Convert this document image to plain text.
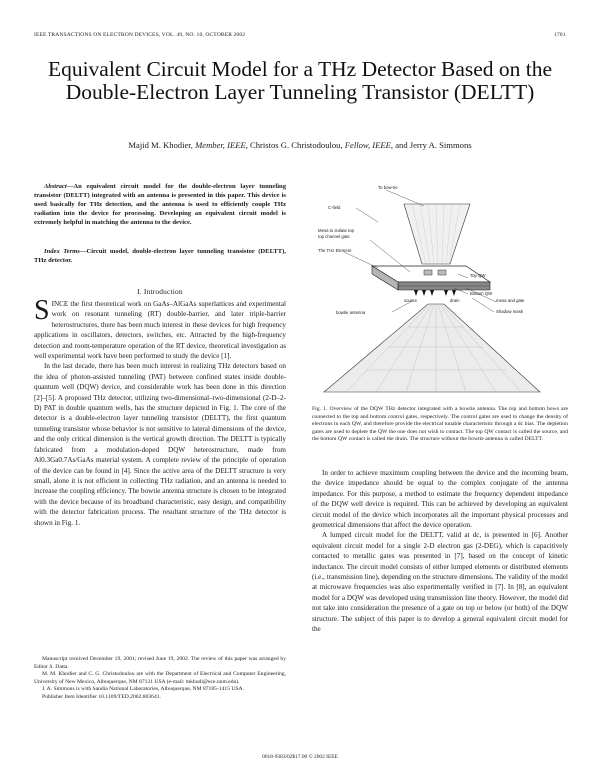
IEEE TRANSACTIONS ON ELECTRON DEVICES, VOL. 49, NO. 10, OCTOBER 2002	1701
Equivalent Circuit Model for a THz Detector Based on the Double-Electron Layer Tunneling Transistor (DELTT)
Majid M. Khodier, Member, IEEE, Christos G. Christodoulou, Fellow, IEEE, and Jerry A. Simmons
Abstract—An equivalent circuit model for the double-electron layer tunneling transistor (DELTT) integrated with an antenna is presented in this paper. This device is used basically for THz detection, and the antenna is used to efficiently couple THz radiation into the device for processing. Developing an equivalent circuit model is extremely helpful in matching the antenna to the device.
Index Terms—Circuit model, double-electron layer tunneling transistor (DELTT), THz detector.
I. Introduction

SINCE the first theoretical work on GaAs–AlGaAs superlattices and experimental work on resonant tunneling (RT) double-barrier, and later triple-barrier heterostructures, there has been much interest in these devices for high frequency applications in oscillators, detectors, switches, etc. Attracted by the high-frequency detection and room-temperature operation of the RT device, theoretical investigation as well experimental work have been performed to study the device [1].

In the last decade, there has been much interest in realizing THz detectors based on the idea of photon-assisted tunneling (PAT) between confined states inside double-quantum well (DQW) device, and considerable work has been done in this direction [2]–[5]. A proposed THz detector, utilizing two-dimensional–two-dimensional (2-D–2-D) PAT in double quantum wells, has the structure depicted in Fig. 1. The core of the detector is a double-electron layer tunneling transistor (DELTT), the first quantum tunneling transistor whose behavior is not sensitive to lateral dimensions of the device, and the only critical dimension is the vertical growth direction. The DELTT is typically fabricated from a modulation-doped DQW heterostructure, made from Al0.3Ga0.7As/GaAs material system. A complete review of the principle of operation of the device can be found in [4]. Since the active area of the DELTT structure is very small, alone it is not efficient in collecting THz radiation, and an antenna is needed to increase the coupling efficiency. The bowtie antenna structure is chosen to be integrated with the device because of its broadband characteristic, easy design, and compatibility with the detector fabrication process. The resultant structure of the THz detector is shown in Fig. 1.

Manuscript received December 19, 2001; revised June 19, 2002. The review of this paper was arranged by Editor S. Datta.

M. M. Khodier and C. G. Christodoulou are with the Department of Electrical and Computer Engineering, University of New Mexico, Albuquerque, NM 87131 USA (e-mail: mkhodi@ece.unm.edu).

J. A. Simmons is with Sandia National Laboratories, Albuquerque, NM 87185-1415 USA.

Publisher Item Identifier 10.1109/TED.2002.803641.

To bow-tie
C-field
Mesa to isolate top
top channel gate
The THz Element
Top QW
Bottom QW
mesa and gate
Shadow mask
bowtie antenna
source	drain
Fig. 1. Overview of the DQW THz detector integrated with a bowtie antenna. The top and bottom bows are connected to the top and bottom control gates, respectively. The control gates are used to change the density of electrons in each QW, and therefore provide the electrical tunable characteristic through a dc bias. The depletion gates are used to deplete the QW the one does not wish to contact. The top QW contact is called the source, and the bottom QW contact is called the drain. The structure without the bowtie antenna is called DELTT.

In order to achieve maximum coupling between the device and the incoming beam, the device impedance should be equal to the complex conjugate of the antenna impedance. For this purpose, a method to estimate the frequency dependent impedance of the DQW well device is required. This can be achieved by developing an equivalent circuit model of the device which incorporates all the important physical processes and geometrical dimensions that affect the device operation.

A lumped circuit model for the DELTT, valid at dc, is presented in [6]. Another equivalent circuit model for a single 2-D electron gas (2-DEG), which is capacitively contacted to metallic gates was presented in [7], based on the concept of kinetic inductance. The circuit model consists of either lumped elements or distributed elements (i.e., transmission line), depending on the structure dimensions. The validity of the model at microwave frequencies was also experimentally verified in [7]. In [8], an equivalent model for a DQW was developed using transmission line theory. However, the model did not take into consideration the presence of a gate on top or below (or both) of the DQW structure. The subject of this paper is to develop a general equivalent circuit model for the

0018-9383/02$17.00 © 2002 IEEE
